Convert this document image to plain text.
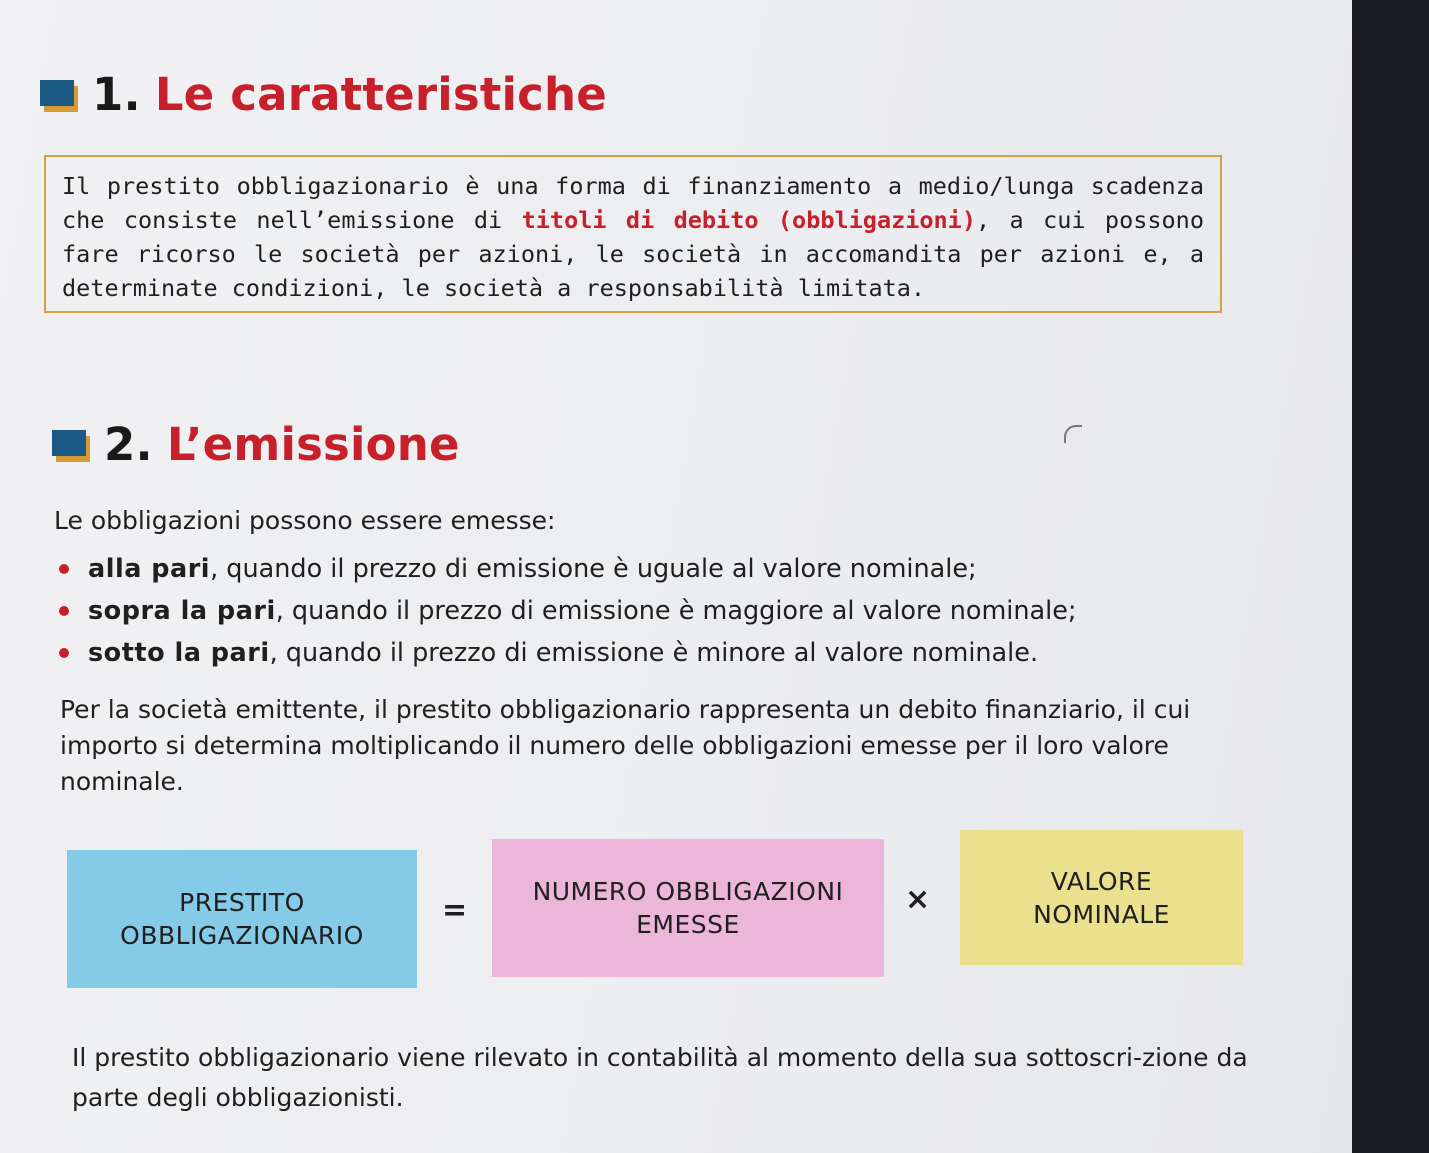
1. Le caratteristiche
Il prestito obbligazionario è una forma di finanziamento a medio/lunga scadenza che consiste nell’emissione di titoli di debito (obbligazioni), a cui possono fare ricorso le società per azioni, le società in accomandita per azioni e, a determinate condizioni, le società a responsabilità limitata.
2. L’emissione

Le obbligazioni possono essere emesse:

alla pari, quando il prezzo di emissione è uguale al valore nominale;
sopra la pari, quando il prezzo di emissione è maggiore al valore nominale;
sotto la pari, quando il prezzo di emissione è minore al valore nominale.

Per la società emittente, il prestito obbligazionario rappresenta un debito finanziario, il cui importo si determina moltiplicando il numero delle obbligazioni emesse per il loro valore nominale.

PRESTITO
OBBLIGAZIONARIO
=
NUMERO OBBLIGAZIONI
EMESSE
×
VALORE
NOMINALE

Il prestito obbligazionario viene rilevato in contabilità al momento della sua sottoscri-zione da parte degli obbligazionisti.
